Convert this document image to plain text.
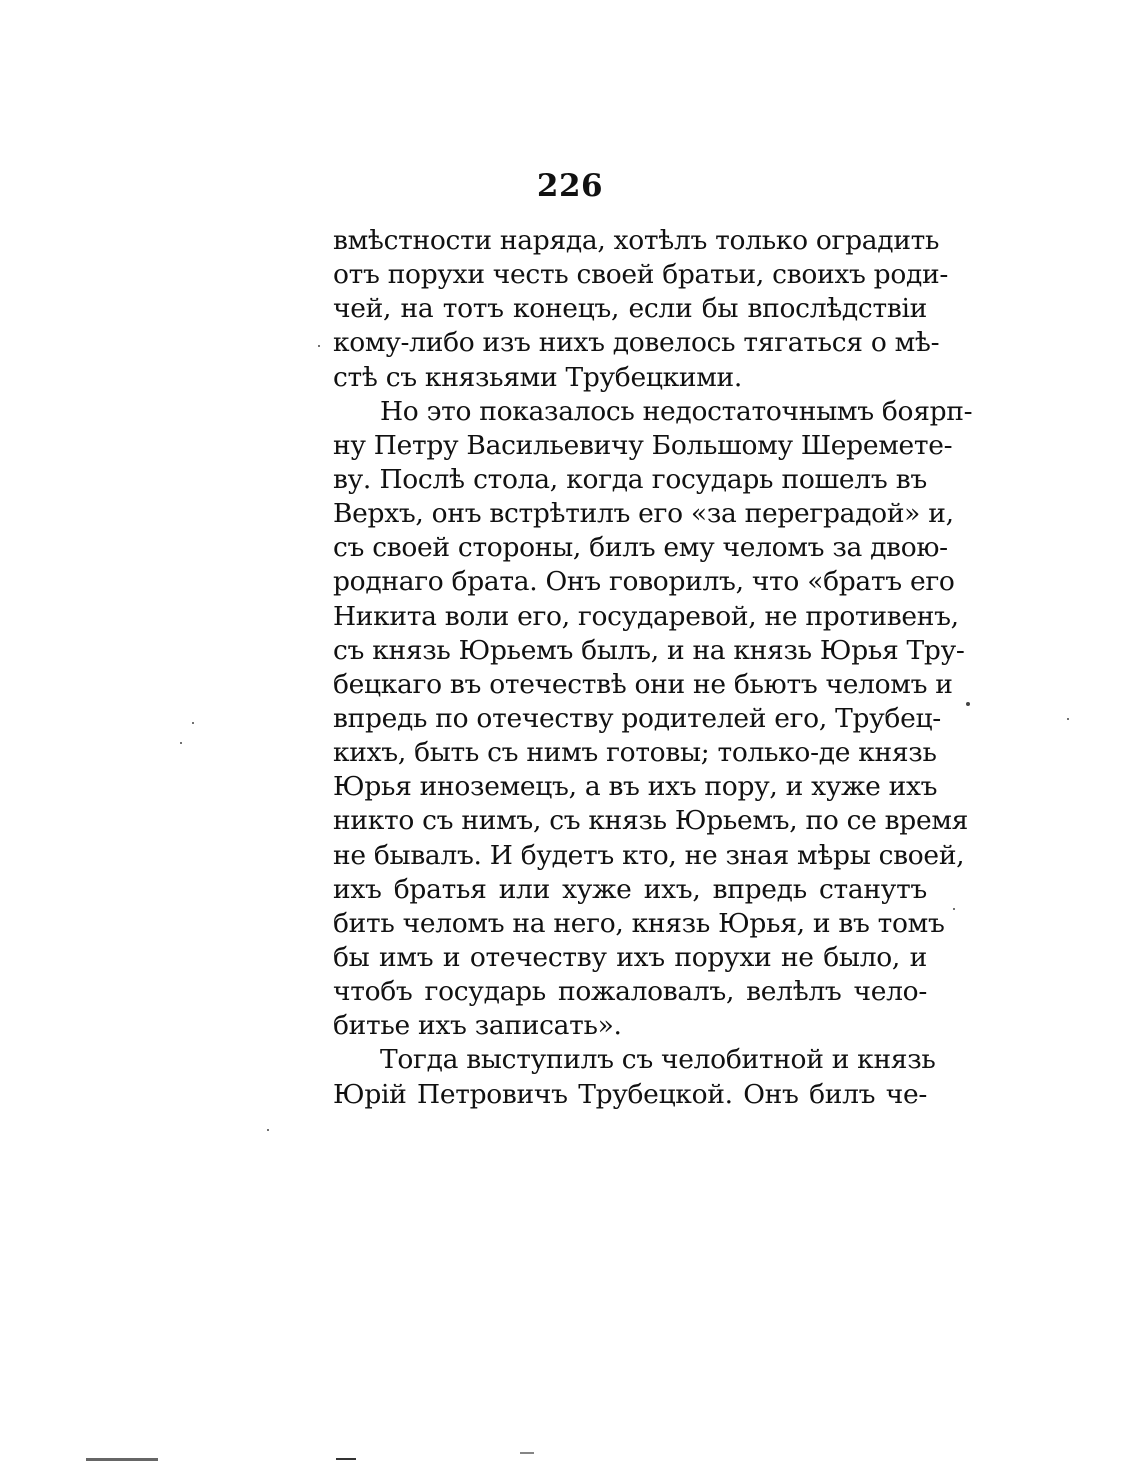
226
вмѣстности наряда, хотѣлъ только оградить
отъ порухи честь своей братьи, своихъ роди-
чей, на тотъ конецъ, если бы впослѣдствіи
кому-либо изъ нихъ довелось тягаться о мѣ-
стѣ съ князьями Трубецкими.
Но это показалось недостаточнымъ боярп-
ну Петру Васильевичу Большому Шеремете-
ву. Послѣ стола, когда государь пошелъ въ
Верхъ, онъ встрѣтилъ его «за перегрaдой» и,
съ своей стороны, билъ ему челомъ за двою-
роднаго брата. Онъ говорилъ, что «братъ его
Никита воли его, государевой, не противенъ,
съ князь Юрьемъ былъ, и на князь Юрья Тру-
бецкаго въ отечествѣ они не бьютъ челомъ и
впредь по отечеству родителей его, Трубец-
кихъ, быть съ нимъ готовы; только-де князь
Юрья иноземецъ, а въ ихъ пору, и хуже ихъ
никто съ нимъ, съ князь Юрьемъ, по се время
не бывалъ. И будетъ кто, не зная мѣры своей,
ихъ братья или хуже ихъ, впредь станутъ
бить челомъ на него, князь Юрья, и въ томъ
бы имъ и отечеству ихъ порухи не было, и
чтобъ государь пожаловалъ, велѣлъ чело-
битье ихъ записать».
Тогда выступилъ съ челобитной и князь
Юрій Петровичъ Трубецкой. Онъ билъ че-
